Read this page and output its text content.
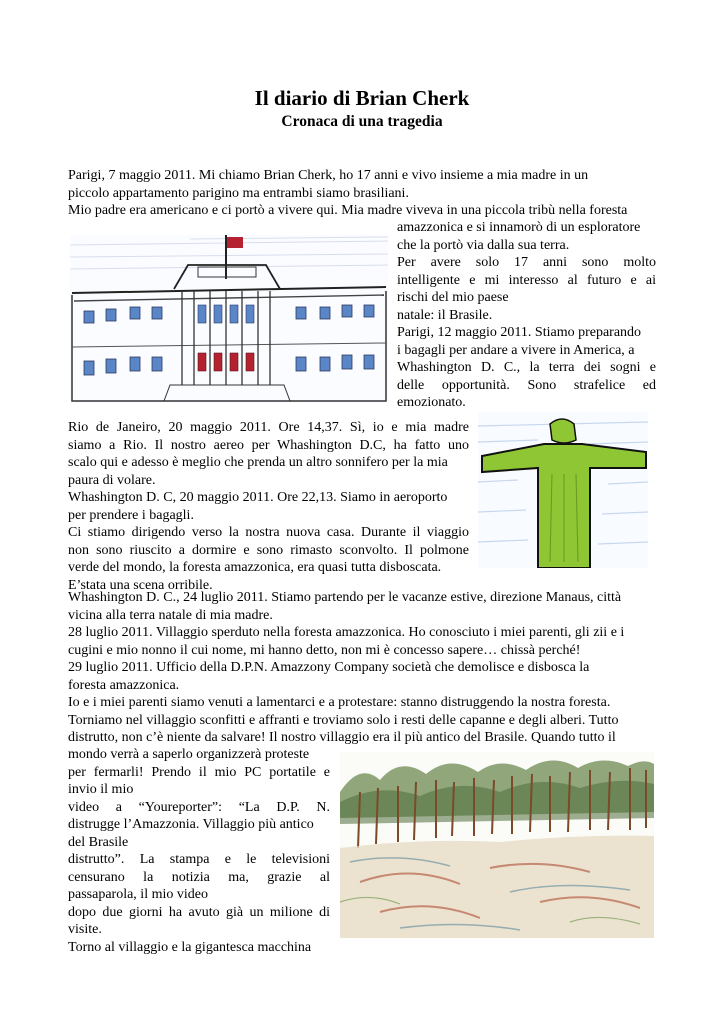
Il diario di Brian Cherk
Cronaca di una tragedia
Parigi, 7 maggio 2011. Mi chiamo Brian Cherk, ho 17 anni e vivo insieme a mia madre in un
piccolo appartamento parigino ma entrambi siamo brasiliani.
Mio padre era americano e ci portò a vivere qui. Mia madre viveva in una piccola tribù nella foresta
amazzonica e si innamorò di un esploratore
che la portò via dalla sua terra.
Per avere solo 17 anni sono molto
intelligente e mi interesso al futuro e ai
rischi del mio paese
natale: il Brasile.
Parigi, 12 maggio 2011. Stiamo preparando
i bagagli per andare a vivere in America, a
Whashington D. C., la terra dei sogni e
delle opportunità. Sono strafelice ed
emozionato.
Rio de Janeiro, 20 maggio 2011. Ore 14,37. Sì, io e mia madre
siamo a Rio. Il nostro aereo per Whashington D.C, ha fatto uno
scalo qui e adesso è meglio che prenda un altro sonnifero per la mia
paura di volare.
Whashington D. C, 20 maggio 2011. Ore 22,13. Siamo in aeroporto
per prendere i bagagli.
Ci stiamo dirigendo verso la nostra nuova casa. Durante il viaggio
non sono riuscito a dormire e sono rimasto sconvolto. Il polmone
verde del mondo, la foresta amazzonica, era quasi tutta disboscata.
E’stata una scena orribile.
Whashington D. C., 24 luglio 2011. Stiamo partendo per le vacanze estive, direzione Manaus, città
vicina alla terra natale di mia madre.
28 luglio 2011. Villaggio sperduto nella foresta amazzonica. Ho conosciuto i miei parenti, gli zii e i
cugini e mio nonno il cui nome, mi hanno detto, non mi è concesso sapere… chissà perché!
29 luglio 2011. Ufficio della D.P.N. Amazzony Company società che demolisce e disbosca la
foresta amazzonica.
Io e i miei parenti siamo venuti a lamentarci e a protestare: stanno distruggendo la nostra foresta.
Torniamo nel villaggio sconfitti e affranti e troviamo solo i resti delle capanne e degli alberi. Tutto
distrutto, non c’è niente da salvare! Il nostro villaggio era il più antico del Brasile. Quando tutto il
mondo verrà a saperlo organizzerà proteste
per fermarli! Prendo il mio PC portatile e
invio il mio
video a “Youreporter”: “La D.P. N.
distrugge l’Amazzonia. Villaggio più antico
del Brasile
distrutto”. La stampa e le televisioni
censurano la notizia ma, grazie al
passaparola, il mio video
dopo due giorni ha avuto già un milione di
visite.
Torno al villaggio e la gigantesca macchina
